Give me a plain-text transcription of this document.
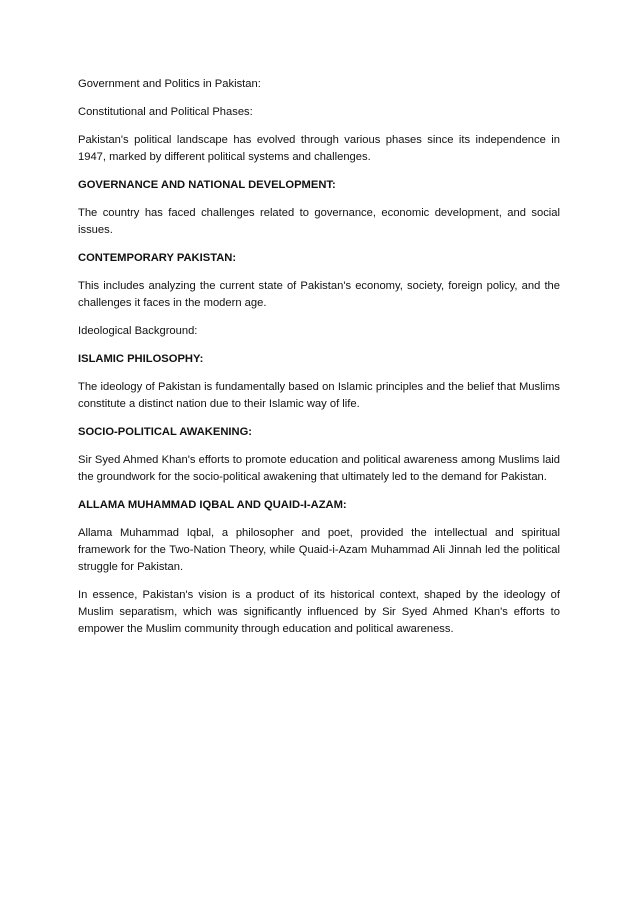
Government and Politics in Pakistan:

Constitutional and Political Phases:

Pakistan's political landscape has evolved through various phases since its independence in 1947, marked by different political systems and challenges.

GOVERNANCE AND NATIONAL DEVELOPMENT:

The country has faced challenges related to governance, economic development, and social issues.

CONTEMPORARY PAKISTAN:

This includes analyzing the current state of Pakistan's economy, society, foreign policy, and the challenges it faces in the modern age.

Ideological Background:

ISLAMIC PHILOSOPHY:

The ideology of Pakistan is fundamentally based on Islamic principles and the belief that Muslims constitute a distinct nation due to their Islamic way of life.

SOCIO-POLITICAL AWAKENING:

Sir Syed Ahmed Khan's efforts to promote education and political awareness among Muslims laid the groundwork for the socio-political awakening that ultimately led to the demand for Pakistan.

ALLAMA MUHAMMAD IQBAL AND QUAID-I-AZAM:

Allama Muhammad Iqbal, a philosopher and poet, provided the intellectual and spiritual framework for the Two-Nation Theory, while Quaid-i-Azam Muhammad Ali Jinnah led the political struggle for Pakistan.

In essence, Pakistan's vision is a product of its historical context, shaped by the ideology of Muslim separatism, which was significantly influenced by Sir Syed Ahmed Khan's efforts to empower the Muslim community through education and political awareness.
